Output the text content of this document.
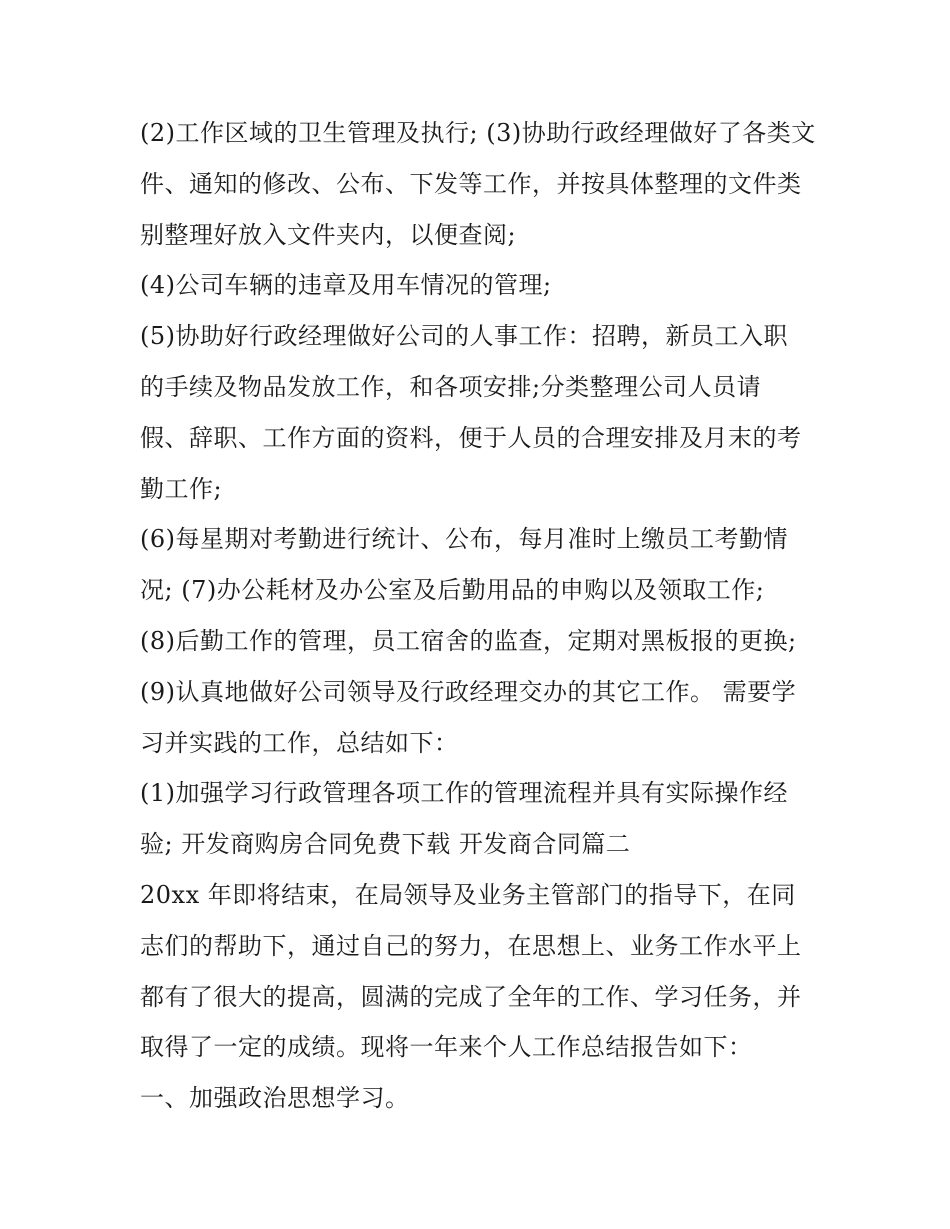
(2)工作区域的卫生管理及执行; (3)协助行政经理做好了各类文
件、通知的修改、公布、下发等工作，并按具体整理的文件类
别整理好放入文件夹内，以便查阅;
(4)公司车辆的违章及用车情况的管理;
(5)协助好行政经理做好公司的人事工作：招聘，新员工入职
的手续及物品发放工作，和各项安排;分类整理公司人员请
假、辞职、工作方面的资料，便于人员的合理安排及月末的考
勤工作;
(6)每星期对考勤进行统计、公布，每月准时上缴员工考勤情
况; (7)办公耗材及办公室及后勤用品的申购以及领取工作;
(8)后勤工作的管理，员工宿舍的监查，定期对黑板报的更换;
(9)认真地做好公司领导及行政经理交办的其它工作。 需要学
习并实践的工作，总结如下：
(1)加强学习行政管理各项工作的管理流程并具有实际操作经
验; 开发商购房合同免费下载 开发商合同篇二
20xx 年即将结束，在局领导及业务主管部门的指导下，在同
志们的帮助下，通过自己的努力，在思想上、业务工作水平上
都有了很大的提高，圆满的完成了全年的工作、学习任务，并
取得了一定的成绩。现将一年来个人工作总结报告如下：
一、加强政治思想学习。
